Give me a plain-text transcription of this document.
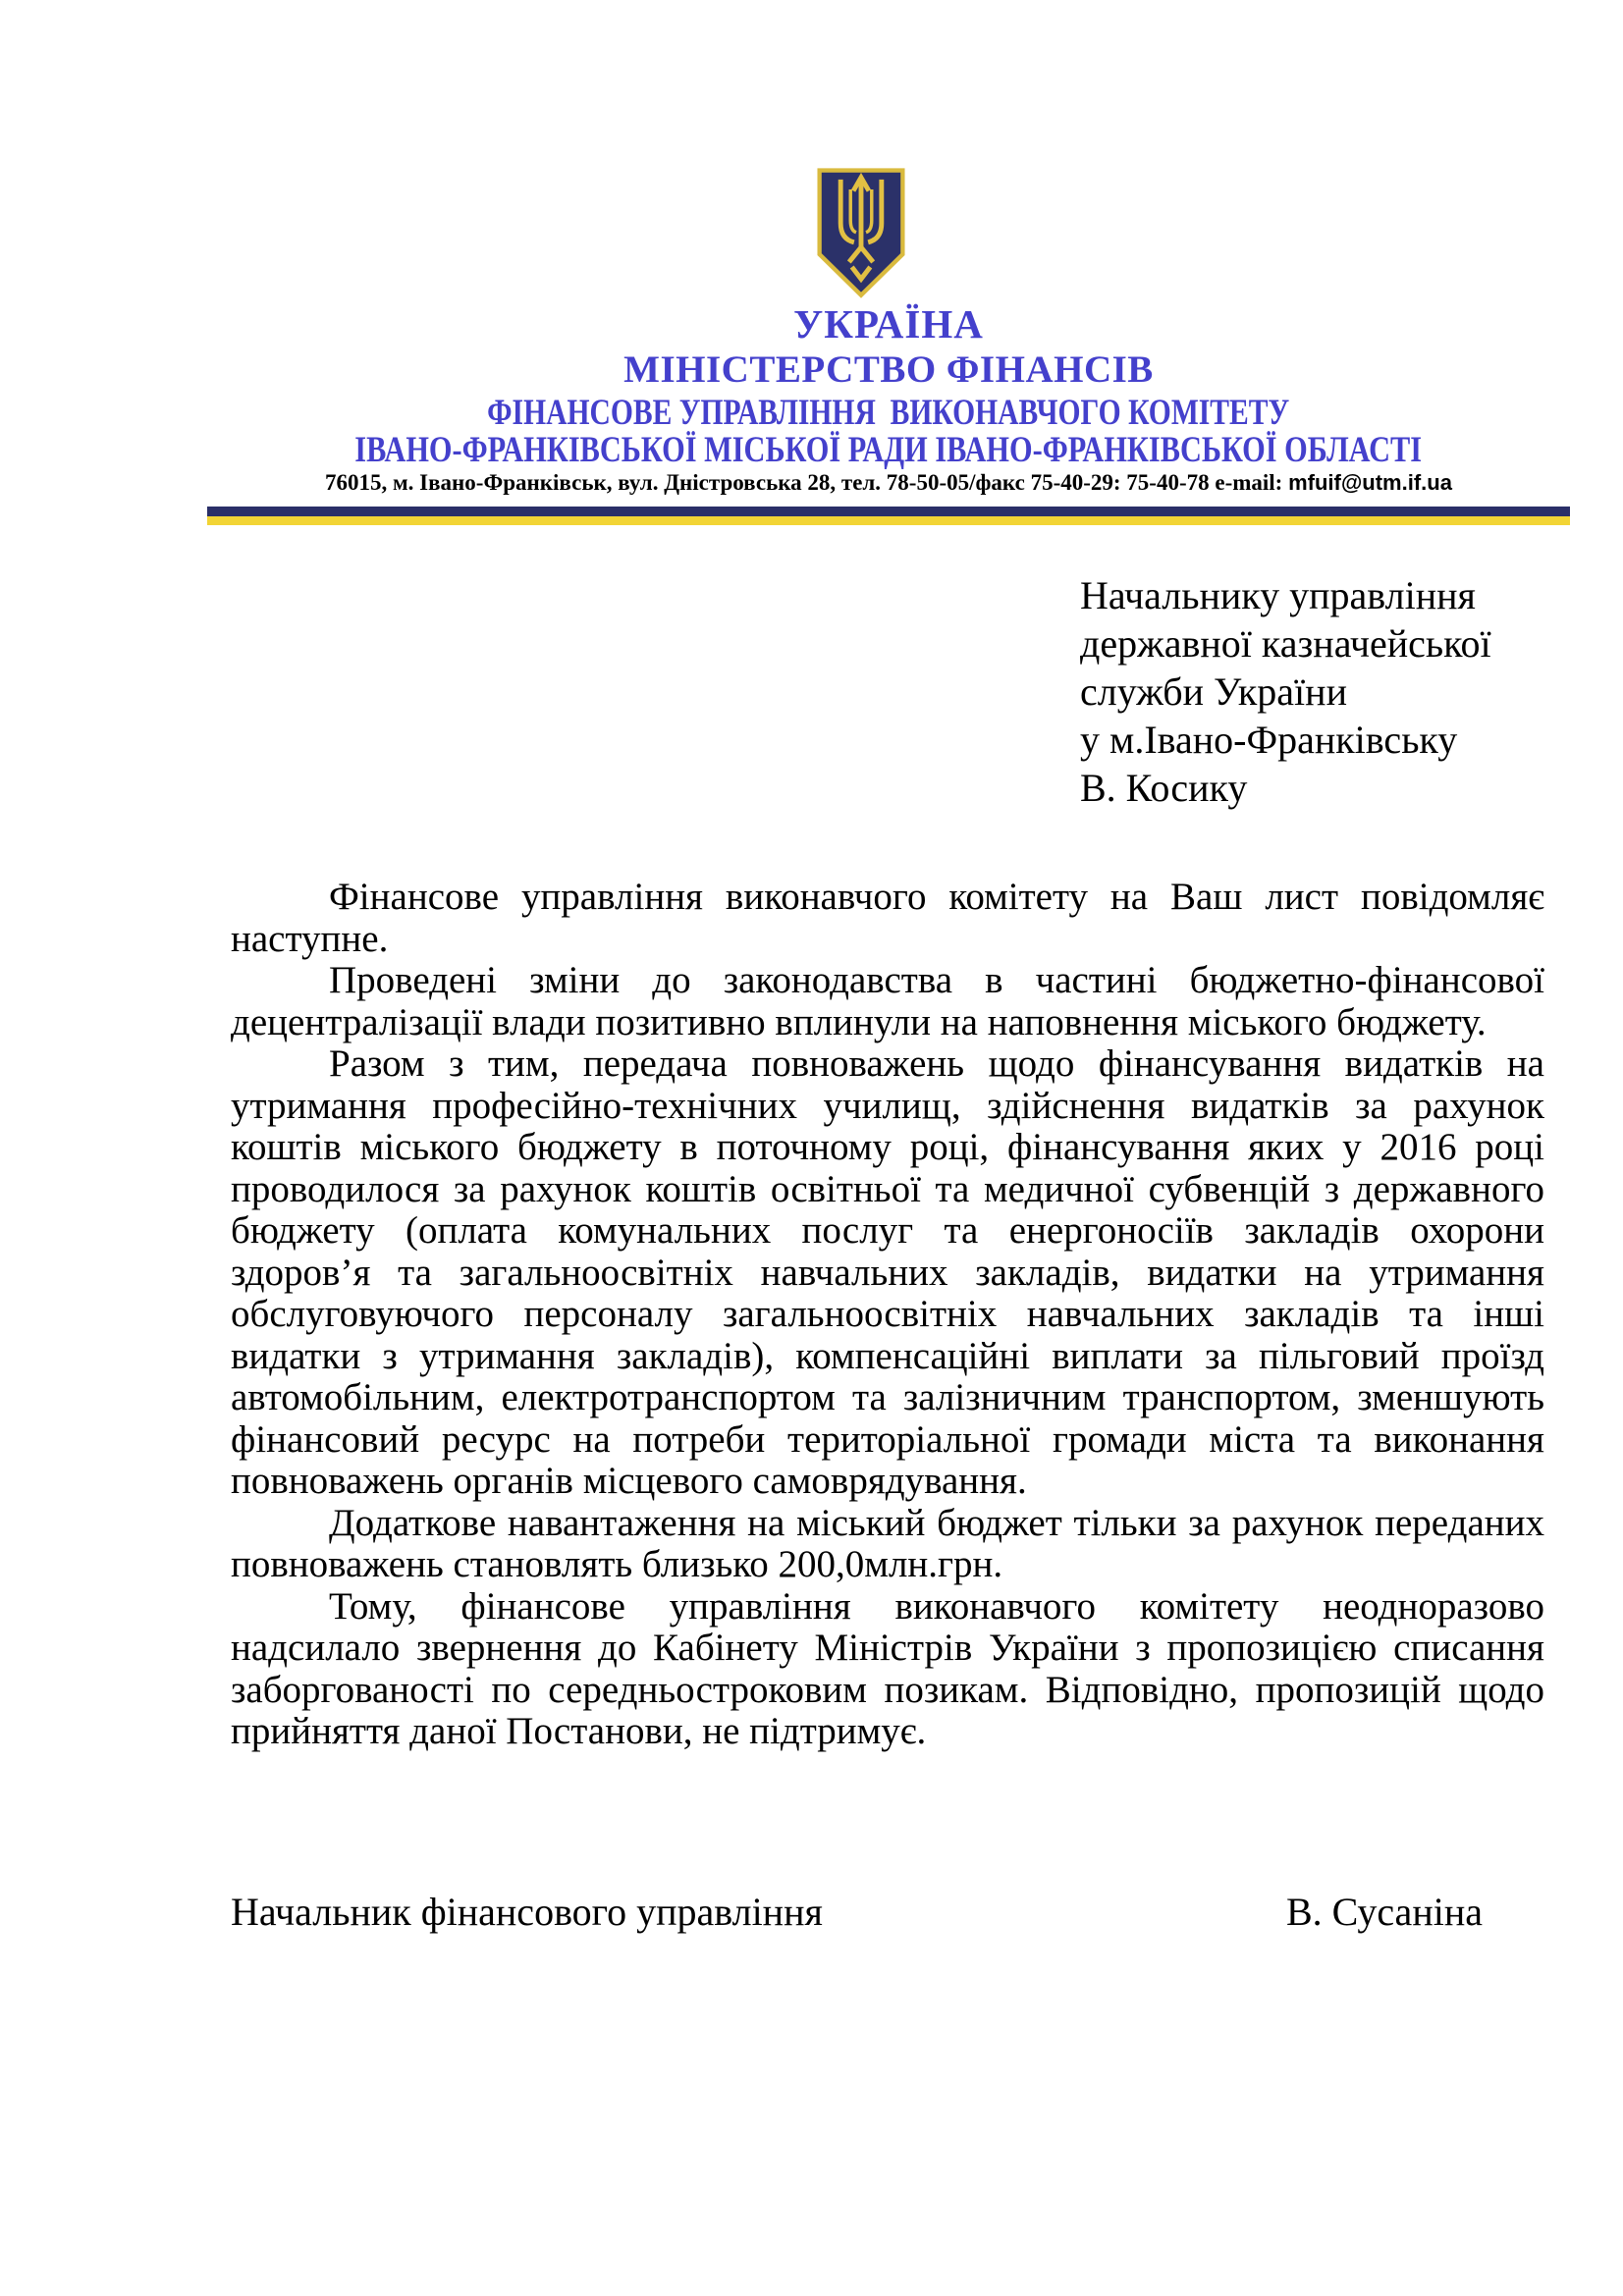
УКРАЇНА
МІНІСТЕРСТВО ФІНАНСІВ
ФІНАНСОВЕ УПРАВЛІННЯ  ВИКОНАВЧОГО КОМІТЕТУ
ІВАНО-ФРАНКІВСЬКОЇ МІСЬКОЇ РАДИ ІВАНО-ФРАНКІВСЬКОЇ ОБЛАСТІ
76015, м. Івано-Франківськ, вул. Дністровська 28, тел. 78-50-05/факс 75-40-29: 75-40-78 e-mail: mfuif@utm.if.ua
Начальнику управління
державної казначейської
служби України
у м.Івано-Франківську
В. Косику

Фінансове управління виконавчого комітету на Ваш лист повідомляє наступне.

Проведені зміни до законодавства в частині бюджетно-фінансової децентралізації влади позитивно вплинули на наповнення міського бюджету.

Разом з тим, передача повноважень щодо фінансування видатків на утримання професійно-технічних училищ, здійснення видатків за рахунок коштів міського бюджету в поточному році, фінансування яких у 2016 році проводилося за рахунок коштів освітньої та медичної субвенцій з державного бюджету (оплата комунальних послуг та енергоносіїв закладів охорони здоров’я та загальноосвітніх навчальних закладів, видатки на утримання обслуговуючого персоналу загальноосвітніх навчальних закладів та інші видатки з утримання закладів), компенсаційні виплати за пільговий проїзд автомобільним, електротранспортом та залізничним транспортом, зменшують фінансовий ресурс на потреби територіальної громади міста та виконання повноважень органів місцевого самоврядування.

Додаткове навантаження на міський бюджет тільки за рахунок переданих повноважень становлять близько 200,0млн.грн.

Тому, фінансове управління виконавчого комітету неодноразово надсилало звернення до Кабінету Міністрів України з пропозицією списання заборгованості по середньостроковим позикам. Відповідно, пропозицій щодо прийняття даної Постанови, не підтримує.

Начальник фінансового управління	В. Сусаніна
